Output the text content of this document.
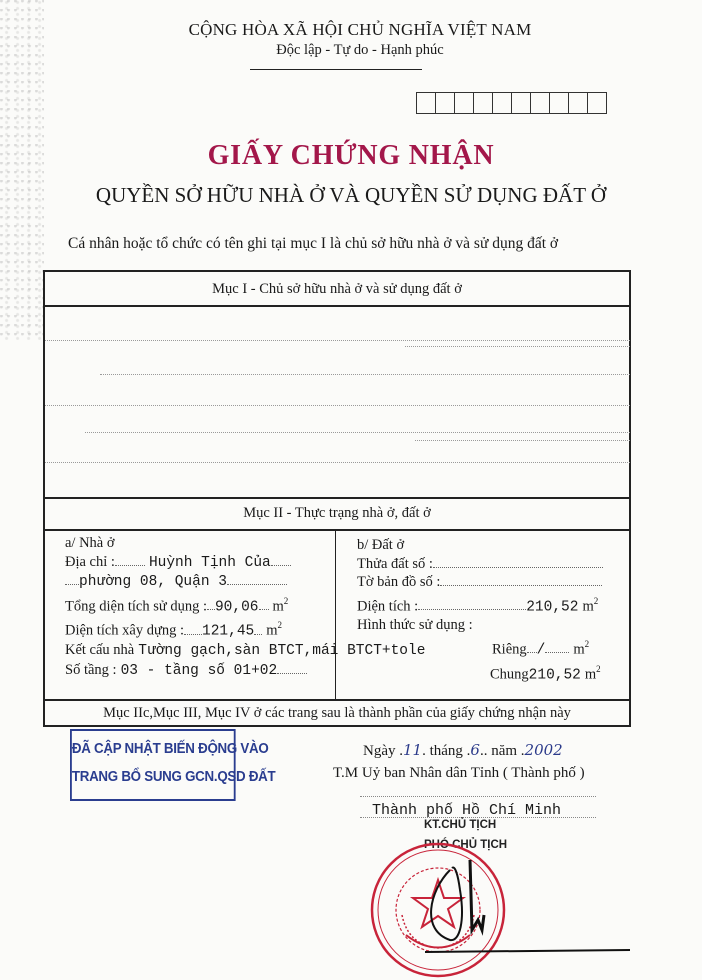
CỘNG HÒA XÃ HỘI CHỦ NGHĨA VIỆT NAM
Độc lập - Tự do - Hạnh phúc
GIẤY CHỨNG NHẬN
QUYỀN SỞ HỮU NHÀ Ở VÀ QUYỀN SỬ DỤNG ĐẤT Ở
Cá nhân hoặc tổ chức có tên ghi tại mục I là chủ sở hữu nhà ở và sử dụng đất ở
Mục I - Chủ sở hữu nhà ở và sử dụng đất ở
Mục II - Thực trạng nhà ở, đất ở
a/ Nhà ở
Địa chỉ : Huỳnh Tịnh Của
phường 08, Quận 3
Tổng diện tích sử dụng : 90,06 $m^2$
Diện tích xây dựng : 121,45 $m^2$
Kết cấu nhà Tường gạch,sàn BTCT,mái BTCT+tole
Số tầng : 03 - tầng số 01+02
b/ Đất ở
Thửa đất số :
Tờ bản đồ số :
Diện tích :	210,52 $m^2$
Hình thức sử dụng :
Riêng / $m^2$
Chung210,52 $m^2$
Mục IIc,Mục III, Mục IV ở các trang sau là thành phần của giấy chứng nhận này
ĐÃ CẬP NHẬT BIẾN ĐỘNG VÀO
TRANG BỔ SUNG GCN.QSD ĐẤT
Ngày .11. tháng .6.. năm .2002
T.M Uỷ ban Nhân dân Tỉnh ( Thành phố )
Thành phố Hồ Chí Minh
KT.CHỦ TỊCH
PHÓ CHỦ TỊCH
